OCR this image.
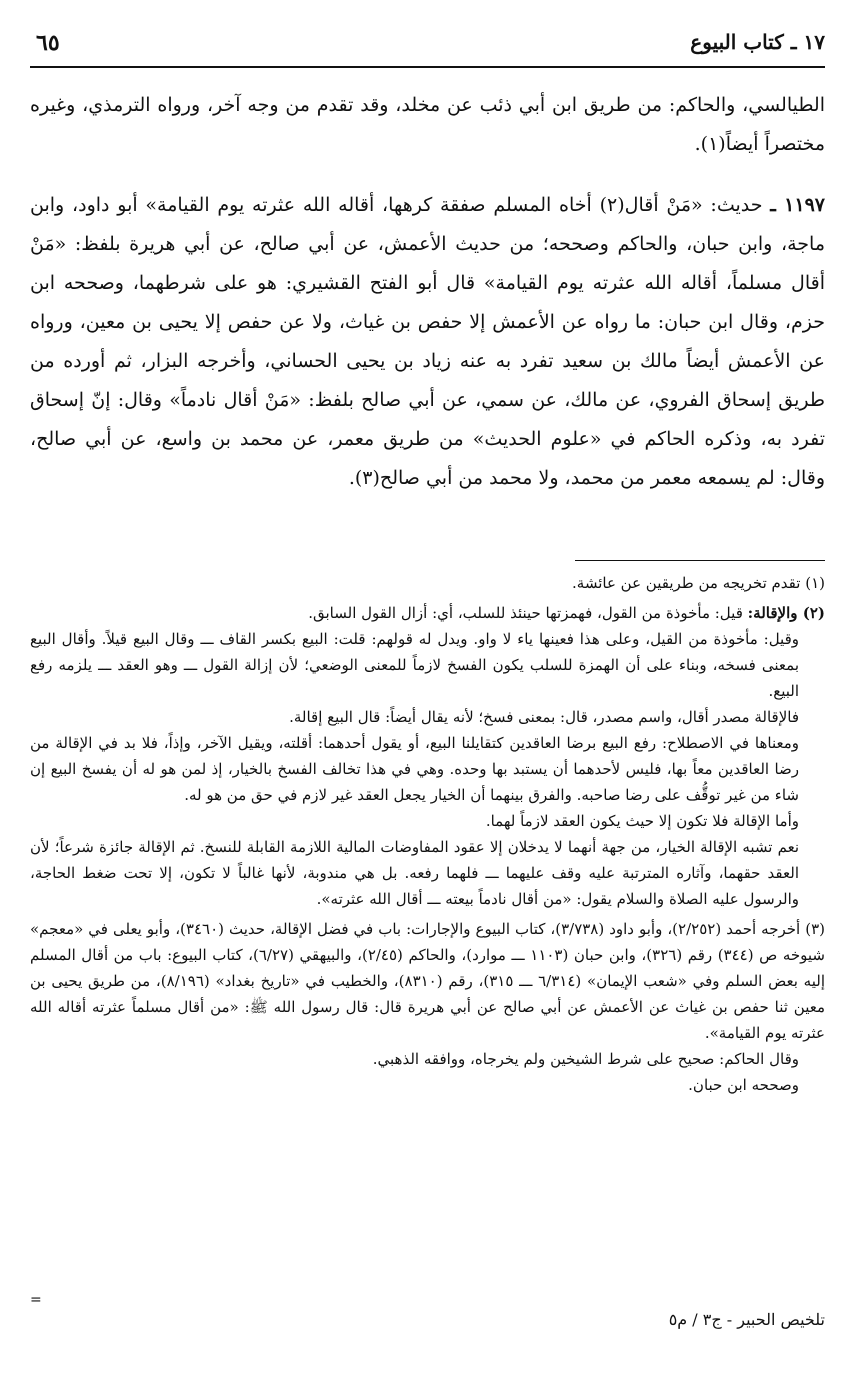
١٧ ـ كتاب البيوع
٦٥

الطيالسي، والحاكم: من طريق ابن أبي ذئب عن مخلد، وقد تقدم من وجه آخر، ورواه الترمذي، وغيره مختصراً أيضاً(١).

١١٩٧ ـ حديث: «مَنْ أقال(٢) أخاه المسلم صفقة كرهها، أقاله الله عثرته يوم القيامة» أبو داود، وابن ماجة، وابن حبان، والحاكم وصححه؛ من حديث الأعمش، عن أبي صالح، عن أبي هريرة بلفظ: «مَنْ أقال مسلماً، أقاله الله عثرته يوم القيامة» قال أبو الفتح القشيري: هو على شرطهما، وصححه ابن حزم، وقال ابن حبان: ما رواه عن الأعمش إلا حفص بن غياث، ولا عن حفص إلا يحيى بن معين، ورواه عن الأعمش أيضاً مالك بن سعيد تفرد به عنه زياد بن يحيى الحساني، وأخرجه البزار، ثم أورده من طريق إسحاق الفروي، عن مالك، عن سمي، عن أبي صالح بلفظ: «مَنْ أقال نادماً» وقال: إنّ إسحاق تفرد به، وذكره الحاكم في «علوم الحديث» من طريق معمر، عن محمد بن واسع، عن أبي صالح، وقال: لم يسمعه معمر من محمد، ولا محمد من أبي صالح(٣).

(١) تقدم تخريجه من طريقين عن عائشة.

(٢) والإقالة: قيل: مأخوذة من القول، فهمزتها حينئذ للسلب، أي: أزال القول السابق.

وقيل: مأخوذة من القيل، وعلى هذا فعينها ياء لا واو. ويدل له قولهم: قلت: البيع بكسر القاف ـــ وقال البيع قيلاً. وأقال البيع بمعنى فسخه، وبناء على أن الهمزة للسلب يكون الفسخ لازماً للمعنى الوضعي؛ لأن إزالة القول ـــ وهو العقد ـــ يلزمه رفع البيع.

فالإقالة مصدر أقال، واسم مصدر، قال: بمعنى فسخ؛ لأنه يقال أيضاً: قال البيع إقالة.

ومعناها في الاصطلاح: رفع البيع برضا العاقدين كتقايلنا البيع، أو يقول أحدهما: أقلته، ويقيل الآخر، وإذاً، فلا بد في الإقالة من رضا العاقدين معاً بها، فليس لأحدهما أن يستبد بها وحده. وهي في هذا تخالف الفسخ بالخيار، إذ لمن هو له أن يفسخ البيع إن شاء من غير توقُّف على رضا صاحبه. والفرق بينهما أن الخيار يجعل العقد غير لازم في حق من هو له.

وأما الإقالة فلا تكون إلا حيث يكون العقد لازماً لهما.

نعم تشبه الإقالة الخيار، من جهة أنهما لا يدخلان إلا عقود المفاوضات المالية اللازمة القابلة للنسخ. ثم الإقالة جائزة شرعاً؛ لأن العقد حقهما، وآثاره المترتبة عليه وقف عليهما ـــ فلهما رفعه. بل هي مندوبة، لأنها غالباً لا تكون، إلا تحت ضغط الحاجة، والرسول عليه الصلاة والسلام يقول: «من أقال نادماً بيعته ـــ أقال الله عثرته».

(٣) أخرجه أحمد (٢/٢٥٢)، وأبو داود (٣/٧٣٨)، كتاب البيوع والإجارات: باب في فضل الإقالة، حديث (٣٤٦٠)، وأبو يعلى في «معجم» شيوخه ص (٣٤٤) رقم (٣٢٦)، وابن حبان (١١٠٣ ـــ موارد)، والحاكم (٢/٤٥)، والبيهقي (٦/٢٧)، كتاب البيوع: باب من أقال المسلم إليه بعض السلم وفي «شعب الإيمان» (٦/٣١٤ ـــ ٣١٥)، رقم (٨٣١٠)، والخطيب في «تاريخ بغداد» (٨/١٩٦)، من طريق يحيى بن معين ثنا حفص بن غياث عن الأعمش عن أبي صالح عن أبي هريرة قال: قال رسول الله ﷺ: «من أقال مسلماً عثرته أقاله الله عثرته يوم القيامة».

وقال الحاكم: صحيح على شرط الشيخين ولم يخرجاه، ووافقه الذهبي.

وصححه ابن حبان.

تلخيص الحبير - ج٣ / م٥
=
